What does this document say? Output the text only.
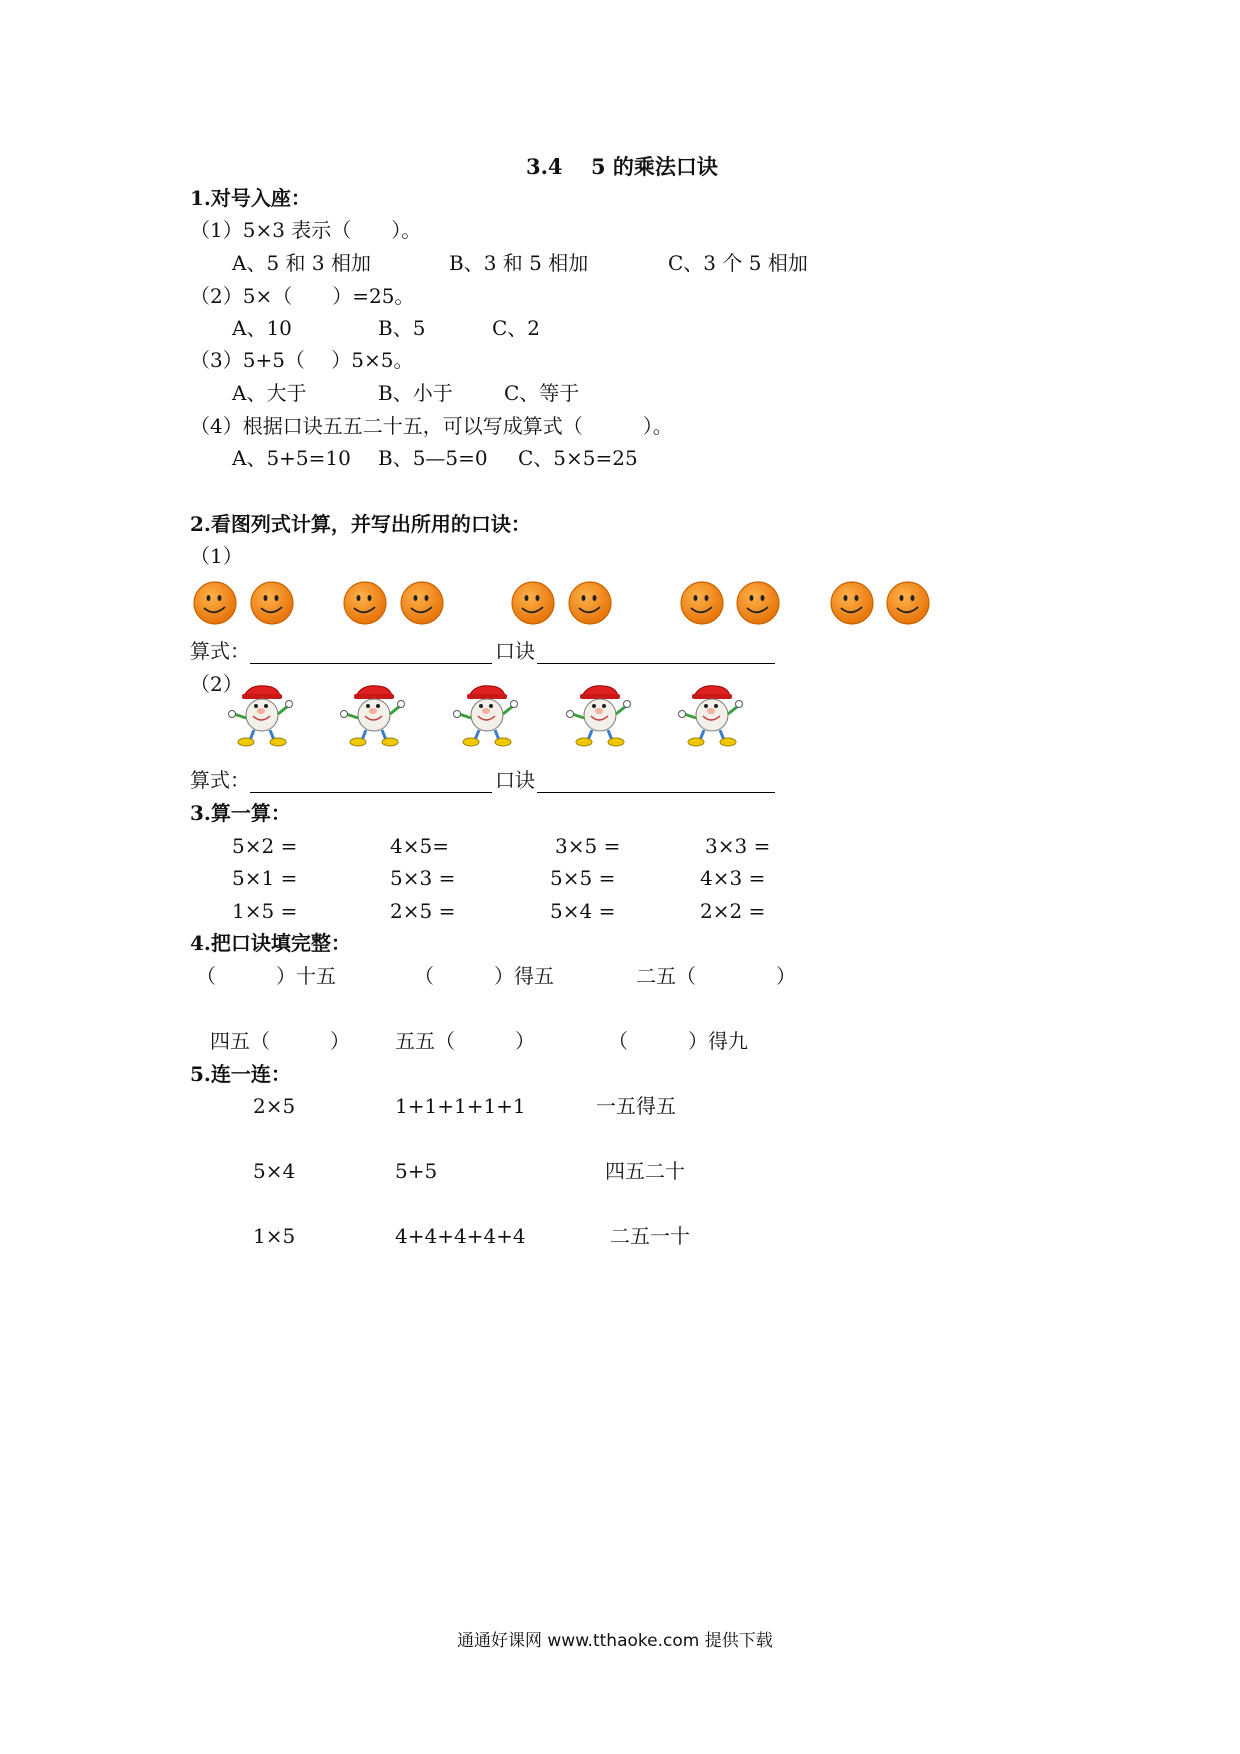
3.4 5 的乘法口诀
1.对号入座：
（1）5×3 表示（　　）。
A、5 和 3 相加	B、3 和 5 相加	C、3 个 5 相加
（2）5×（　　）=25。
A、10	B、5	C、2
（3）5+5（　 ）5×5。
A、大于	B、小于	C、等于
（4）根据口诀五五二十五，可以写成算式（　　　）。
A、5+5=10 B、5—5=0 C、5×5=25
2.看图列式计算，并写出所用的口诀：
（1）
算式：	口诀
（2）
算式：	口诀
3.算一算：
5×2 =	4×5=	3×5 =	3×3 =
5×1 =	5×3 =	5×5 =	4×3 =
1×5 =	2×5 =	5×4 =	2×2 =
4.把口诀填完整：
（　　　）十五	（　　　）得五	二五（　　　　）
四五（　　　） 五五（　　　）	（　　　）得九
5.连一连：
2×5	1+1+1+1+1	一五得五
5×4	5+5	四五二十
1×5	4+4+4+4+4	二五一十
通通好课网 www.tthaoke.com 提供下载
